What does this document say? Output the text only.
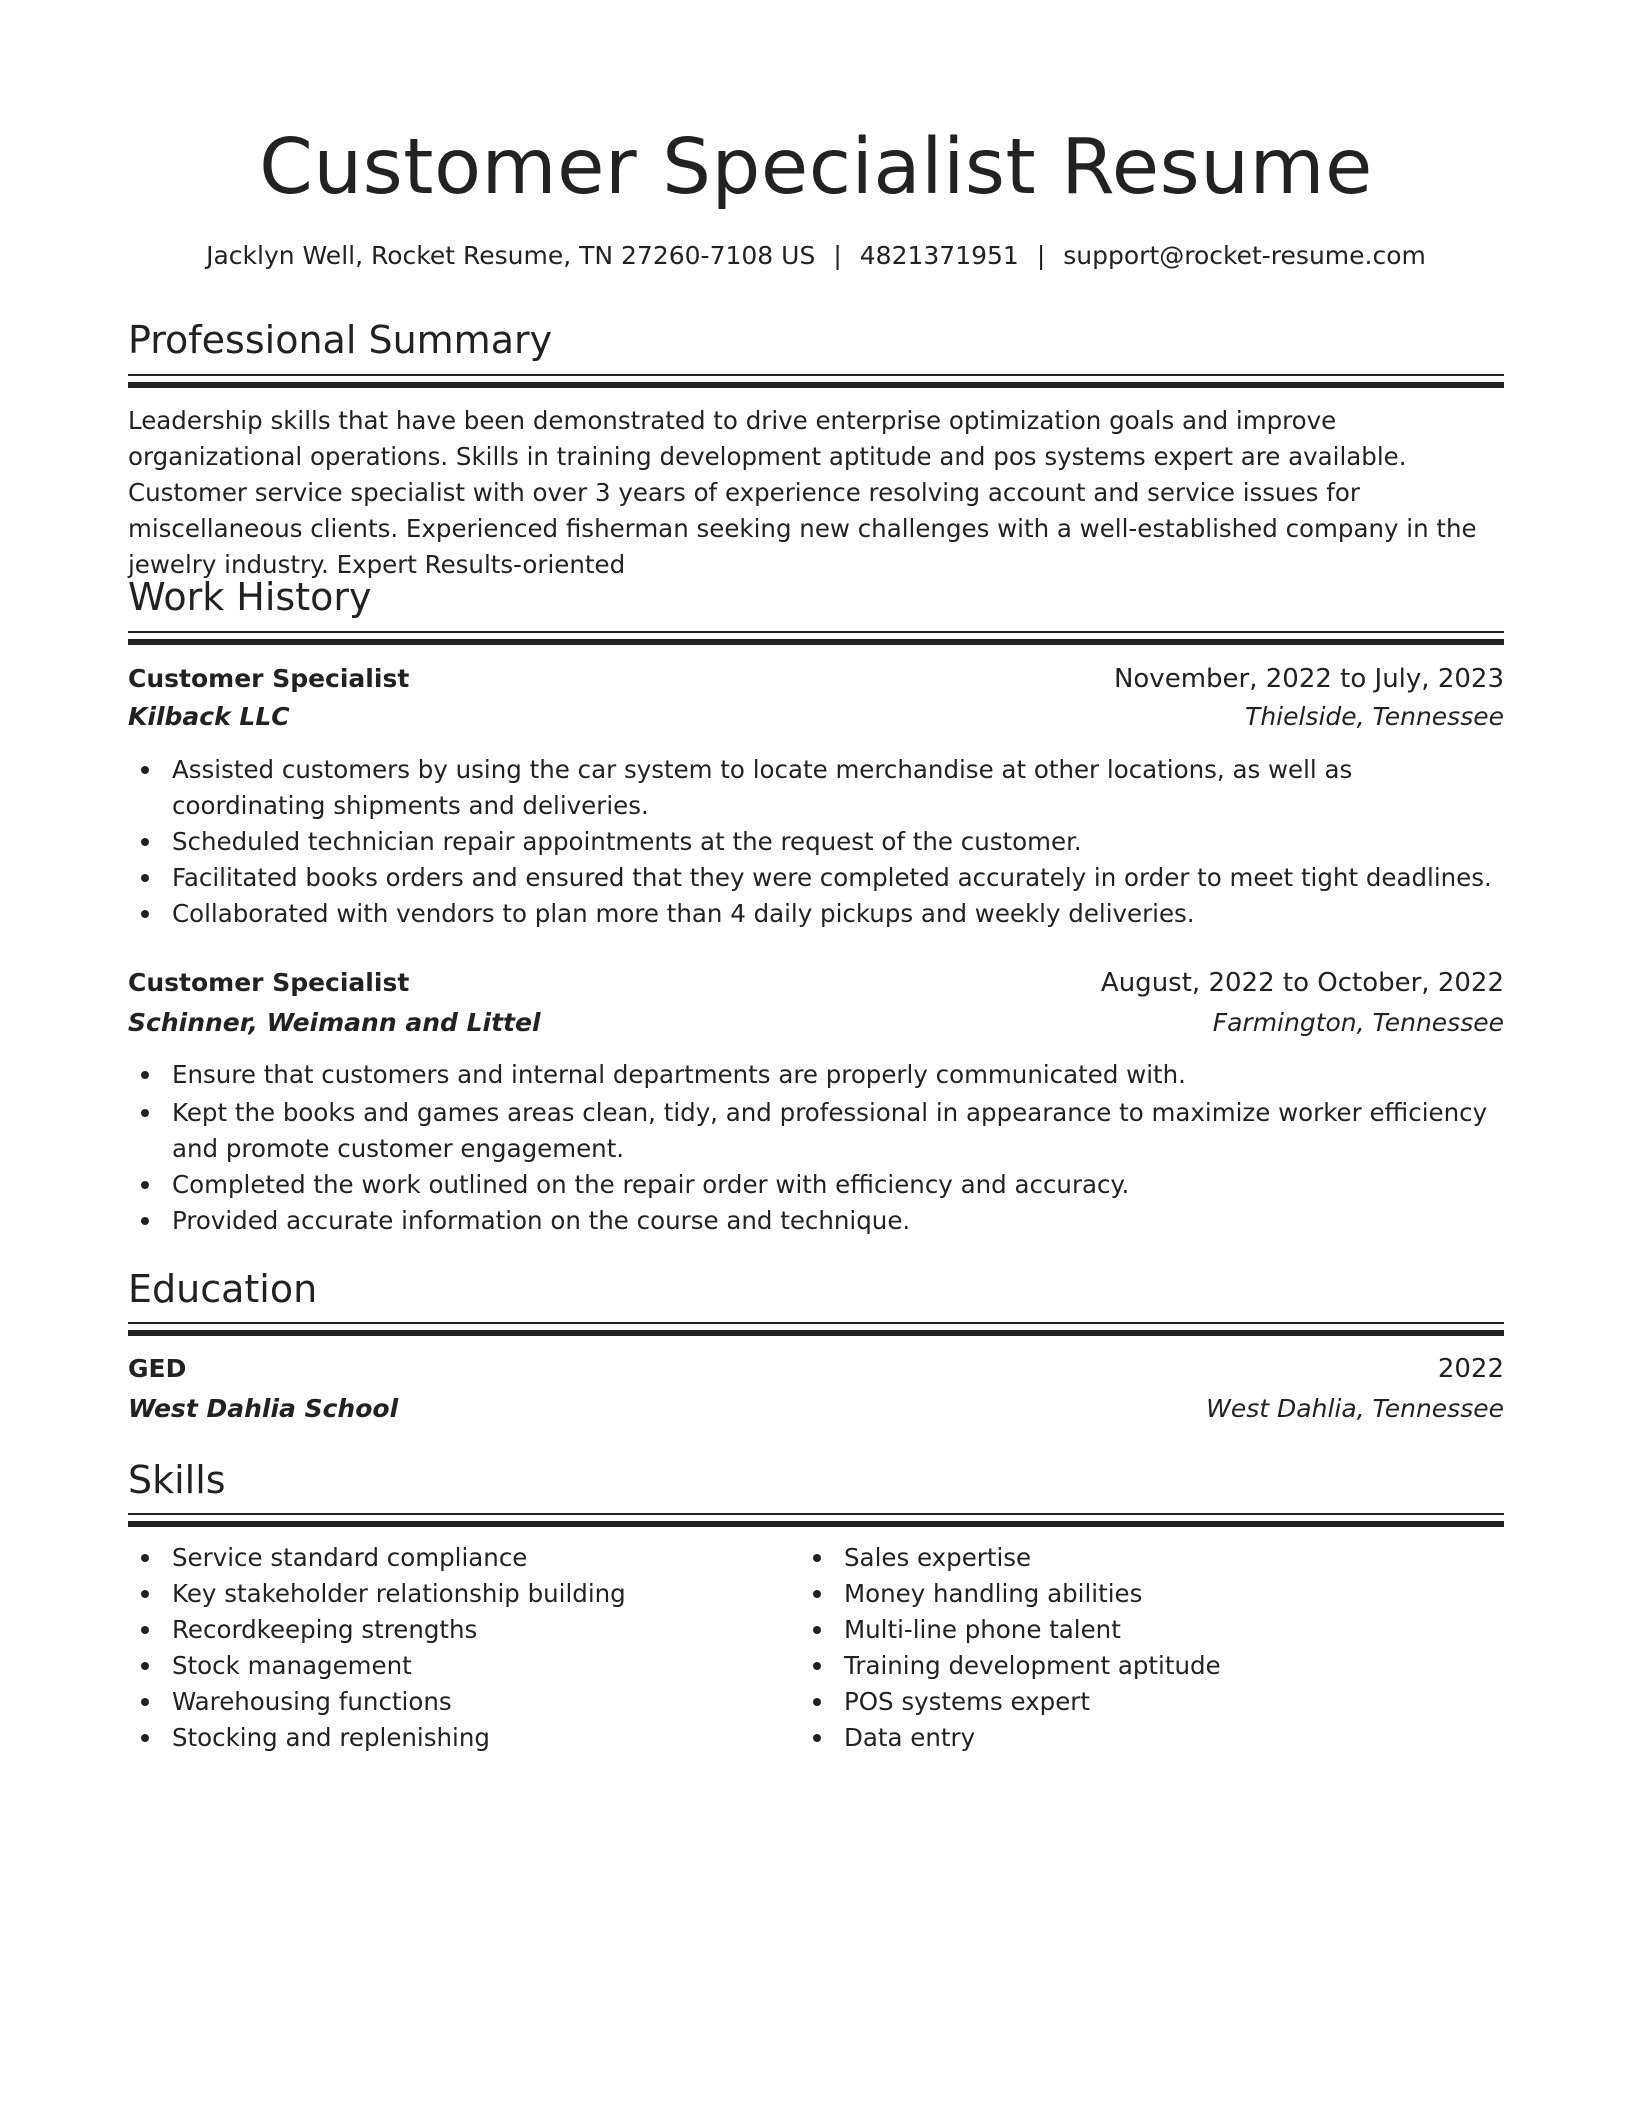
Customer Specialist Resume
Jacklyn Well, Rocket Resume, TN 27260-7108 US | 4821371951 | support@rocket-resume.com
Professional Summary

Leadership skills that have been demonstrated to drive enterprise optimization goals and improve organizational operations. Skills in training development aptitude and pos systems expert are available. Customer service specialist with over 3 years of experience resolving account and service issues for miscellaneous clients. Experienced fisherman seeking new challenges with a well-established company in the jewelry industry. Expert Results-oriented

Work History
Customer Specialist	November, 2022 to July, 2023
Kilback LLC	Thielside, Tennessee
Assisted customers by using the car system to locate merchandise at other locations, as well as coordinating shipments and deliveries.
Scheduled technician repair appointments at the request of the customer.
Facilitated books orders and ensured that they were completed accurately in order to meet tight deadlines.
Collaborated with vendors to plan more than 4 daily pickups and weekly deliveries.
Customer Specialist	August, 2022 to October, 2022
Schinner, Weimann and Littel	Farmington, Tennessee
Ensure that customers and internal departments are properly communicated with.
Kept the books and games areas clean, tidy, and professional in appearance to maximize worker efficiency and promote customer engagement.
Completed the work outlined on the repair order with efficiency and accuracy.
Provided accurate information on the course and technique.
Education
GED	2022
West Dahlia School	West Dahlia, Tennessee
Skills
Service standard compliance
Key stakeholder relationship building
Recordkeeping strengths
Stock management
Warehousing functions
Stocking and replenishing
Sales expertise
Money handling abilities
Multi-line phone talent
Training development aptitude
POS systems expert
Data entry
